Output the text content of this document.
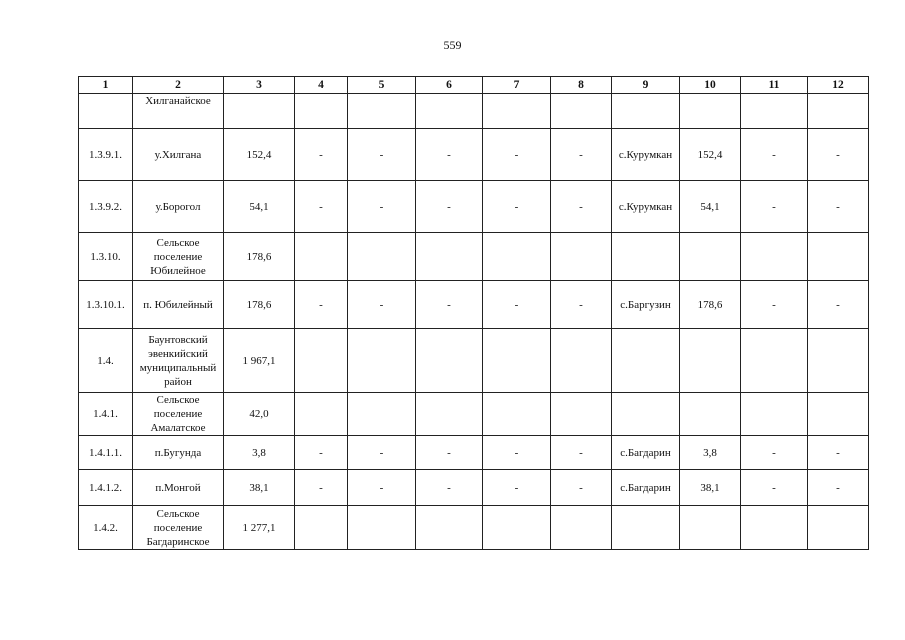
559
1	2	3	4	5	6	7	8	9	10	11	12
	Хилганайское										
1.3.9.1.	у.Хилгана	152,4	-	-	-	-	-	с.Курумкан	152,4	-	-
1.3.9.2.	у.Борогол	54,1	-	-	-	-	-	с.Курумкан	54,1	-	-
1.3.10.	Сельское поселение Юбилейное	178,6									
1.3.10.1.	п. Юбилейный	178,6	-	-	-	-	-	с.Баргузин	178,6	-	-
1.4.	Баунтовский эвенкийский муниципальный район	1 967,1									
1.4.1.	Сельское поселение Амалатское	42,0									
1.4.1.1.	п.Бугунда	3,8	-	-	-	-	-	с.Багдарин	3,8	-	-
1.4.1.2.	п.Монгой	38,1	-	-	-	-	-	с.Багдарин	38,1	-	-
1.4.2.	Сельское поселение Багдаринское	1 277,1									
